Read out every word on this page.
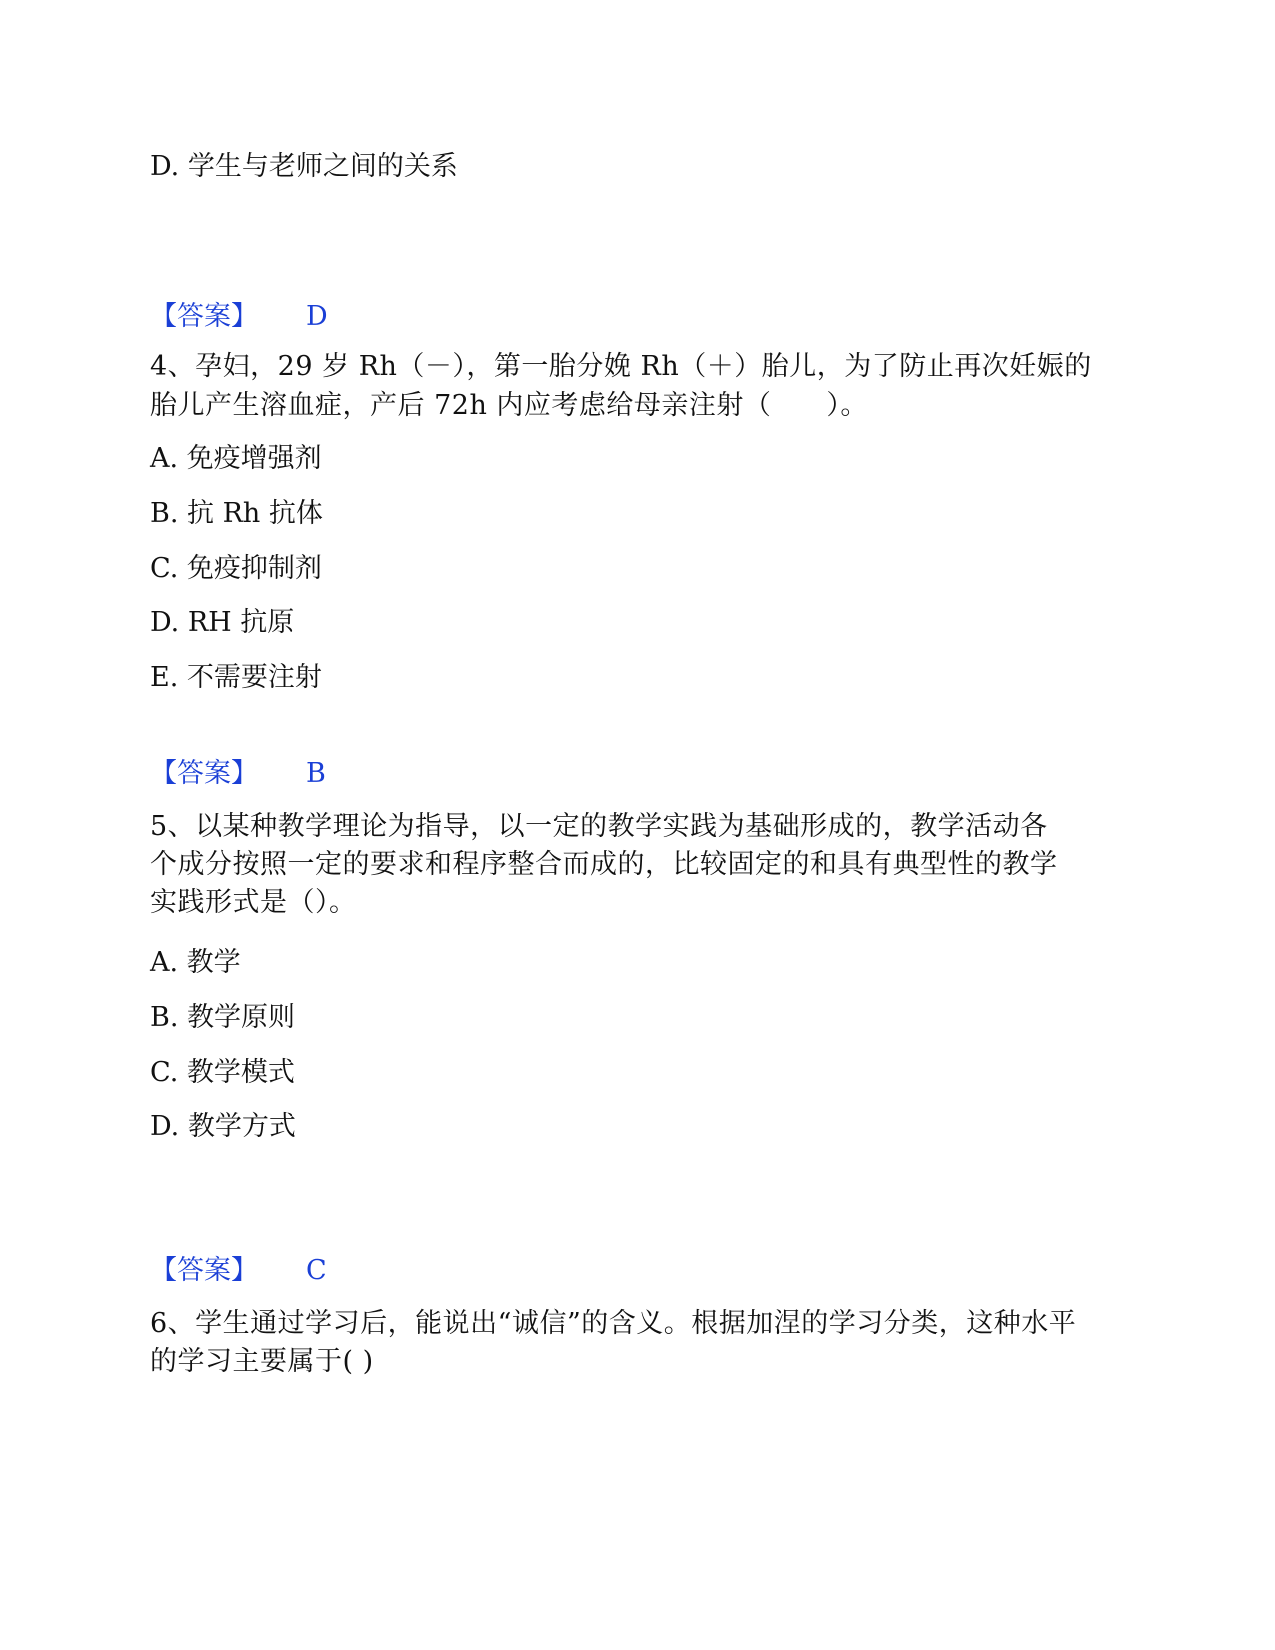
D. 学生与老师之间的关系
【答案】 D
4、孕妇，29 岁 Rh（－），第一胎分娩 Rh（＋）胎儿，为了防止再次妊娠的
胎儿产生溶血症，产后 72h 内应考虑给母亲注射（　　）。
A. 免疫增强剂
B. 抗 Rh 抗体
C. 免疫抑制剂
D. RH 抗原
E. 不需要注射
【答案】 B
5、以某种教学理论为指导，以一定的教学实践为基础形成的，教学活动各
个成分按照一定的要求和程序整合而成的，比较固定的和具有典型性的教学
实践形式是（）。
A. 教学
B. 教学原则
C. 教学模式
D. 教学方式
【答案】 C
6、学生通过学习后，能说出“诚信”的含义。根据加涅的学习分类，这种水平
的学习主要属于( )
